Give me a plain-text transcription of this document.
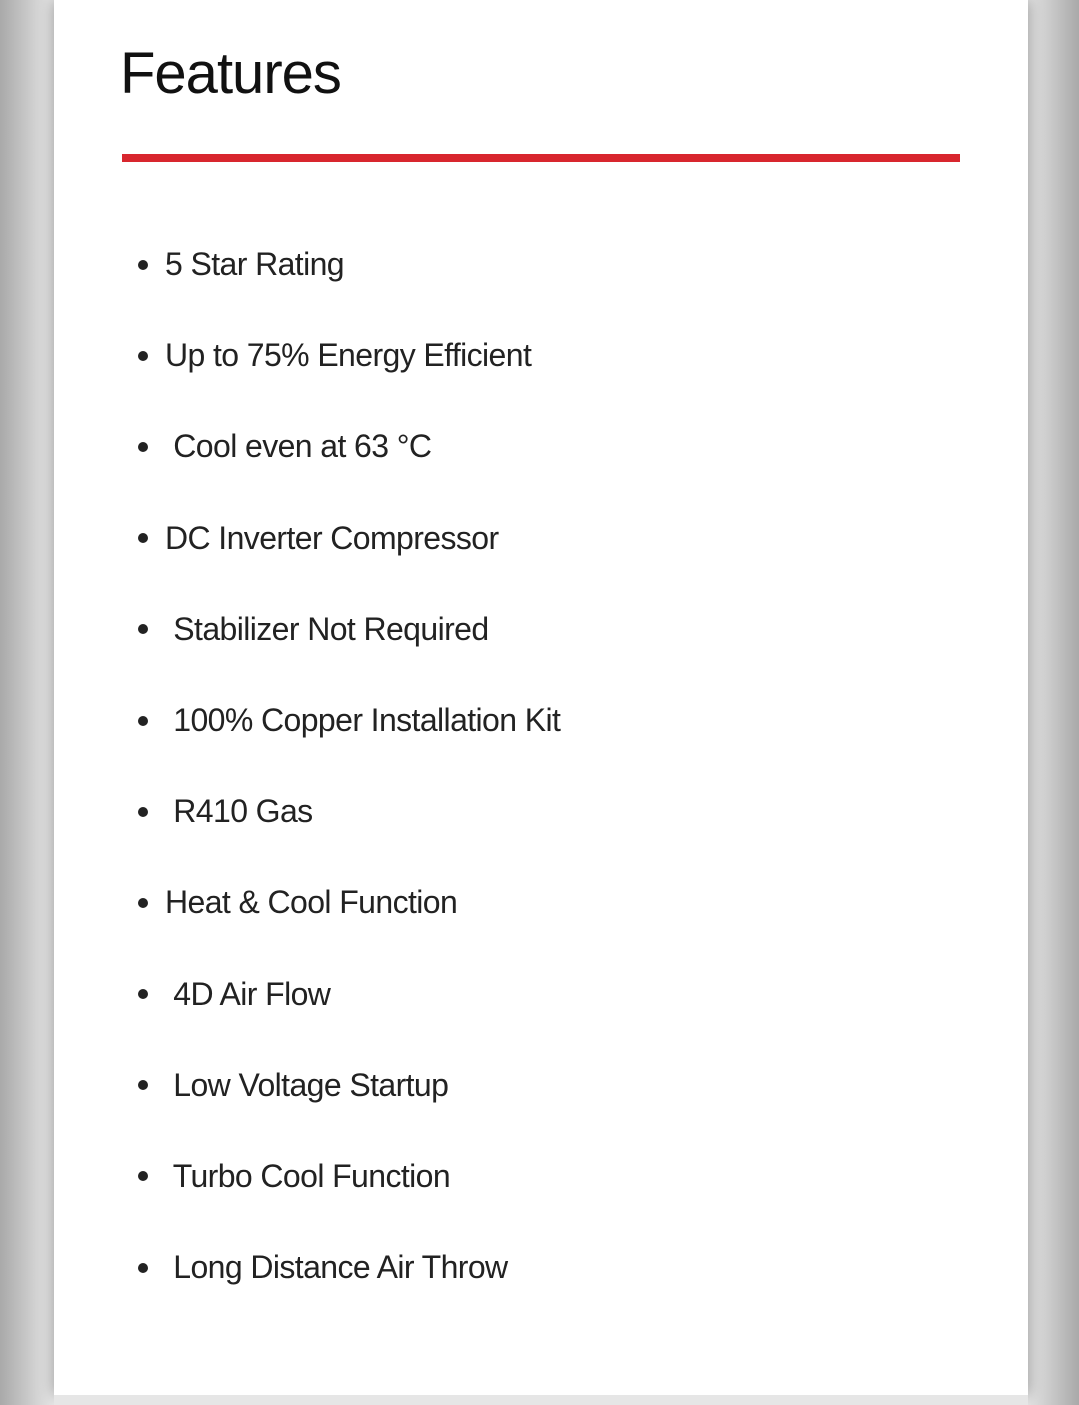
Features
5 Star Rating
Up to 75% Energy Efficient
Cool even at 63 °C
DC Inverter Compressor
Stabilizer Not Required
100% Copper Installation Kit
R410 Gas
Heat & Cool Function
4D Air Flow
Low Voltage Startup
Turbo Cool Function
Long Distance Air Throw
